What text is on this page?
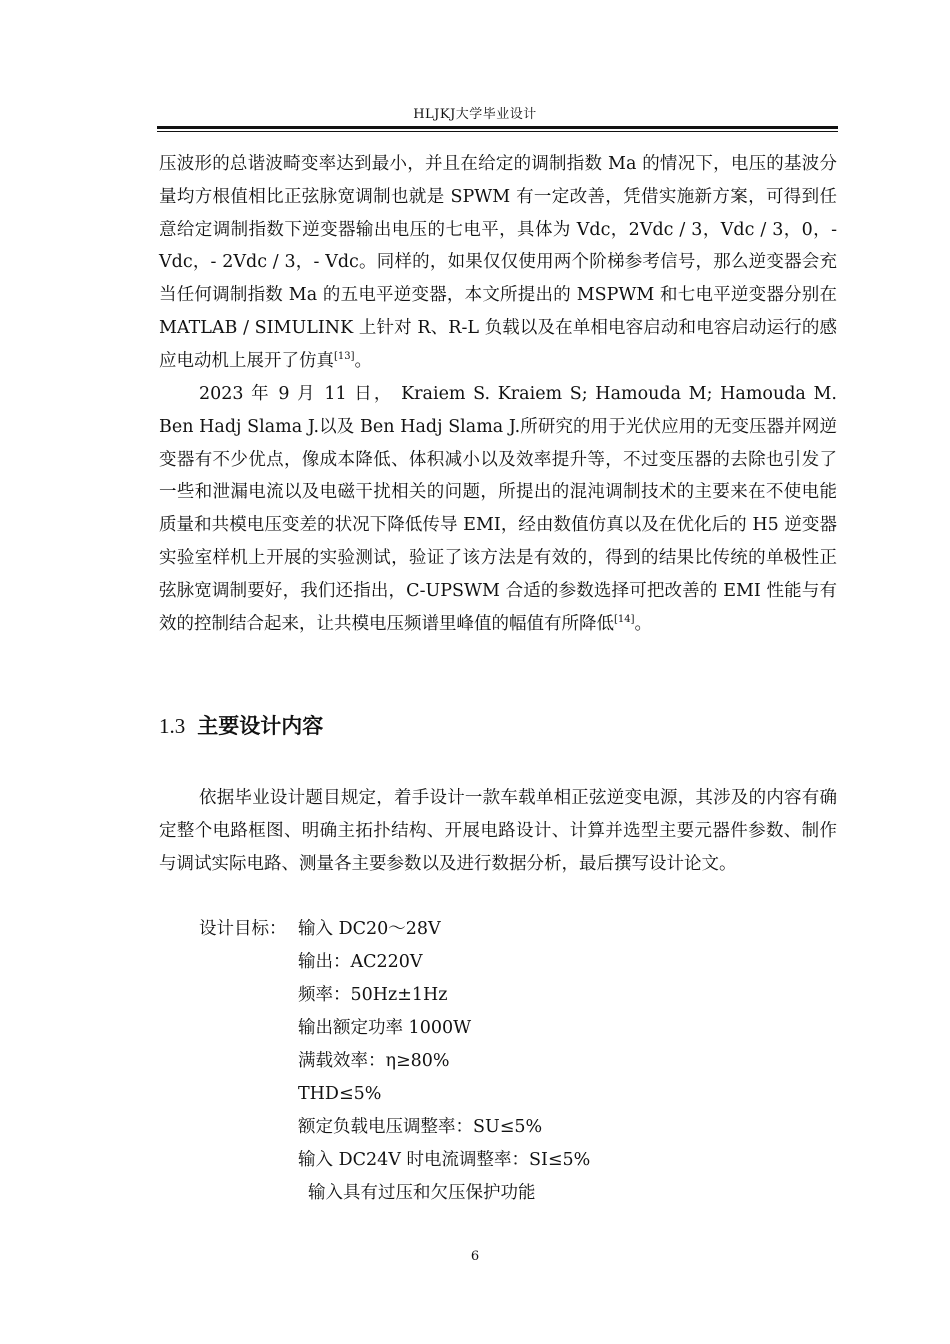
HLJKJ大学毕业设计
压波形的总谐波畸变率达到最小，并且在给定的调制指数 Ma 的情况下，电压的基波分量均方根值相比正弦脉宽调制也就是 SPWM 有一定改善，凭借实施新方案，可得到任意给定调制指数下逆变器输出电压的七电平，具体为 Vdc，2Vdc / 3，Vdc / 3，0，- Vdc，- 2Vdc / 3，- Vdc。同样的，如果仅仅使用两个阶梯参考信号，那么逆变器会充当任何调制指数 Ma 的五电平逆变器，本文所提出的 MSPWM 和七电平逆变器分别在 MATLAB / SIMULINK 上针对 R、R-L 负载以及在单相电容启动和电容启动运行的感应电动机上展开了仿真[13]。
2023 年 9 月 11 日， Kraiem S. Kraiem S; Hamouda M; Hamouda M. Ben Hadj Slama J.以及 Ben Hadj Slama J.所研究的用于光伏应用的无变压器并网逆变器有不少优点，像成本降低、体积减小以及效率提升等，不过变压器的去除也引发了一些和泄漏电流以及电磁干扰相关的问题，所提出的混沌调制技术的主要来在不使电能质量和共模电压变差的状况下降低传导 EMI，经由数值仿真以及在优化后的 H5 逆变器实验室样机上开展的实验测试，验证了该方法是有效的，得到的结果比传统的单极性正弦脉宽调制要好，我们还指出，C-UPSWM 合适的参数选择可把改善的 EMI 性能与有效的控制结合起来，让共模电压频谱里峰值的幅值有所降低[14]。
1.3 主要设计内容
依据毕业设计题目规定，着手设计一款车载单相正弦逆变电源，其涉及的内容有确定整个电路框图、明确主拓扑结构、开展电路设计、计算并选型主要元器件参数、制作与调试实际电路、测量各主要参数以及进行数据分析，最后撰写设计论文。
设计目标： 输入 DC20～28V
输出：AC220V
频率：50Hz±1Hz
输出额定功率 1000W
满载效率：η≥80%
THD≤5%
额定负载电压调整率：SU≤5%
输入 DC24V 时电流调整率：SI≤5%
输入具有过压和欠压保护功能
6
